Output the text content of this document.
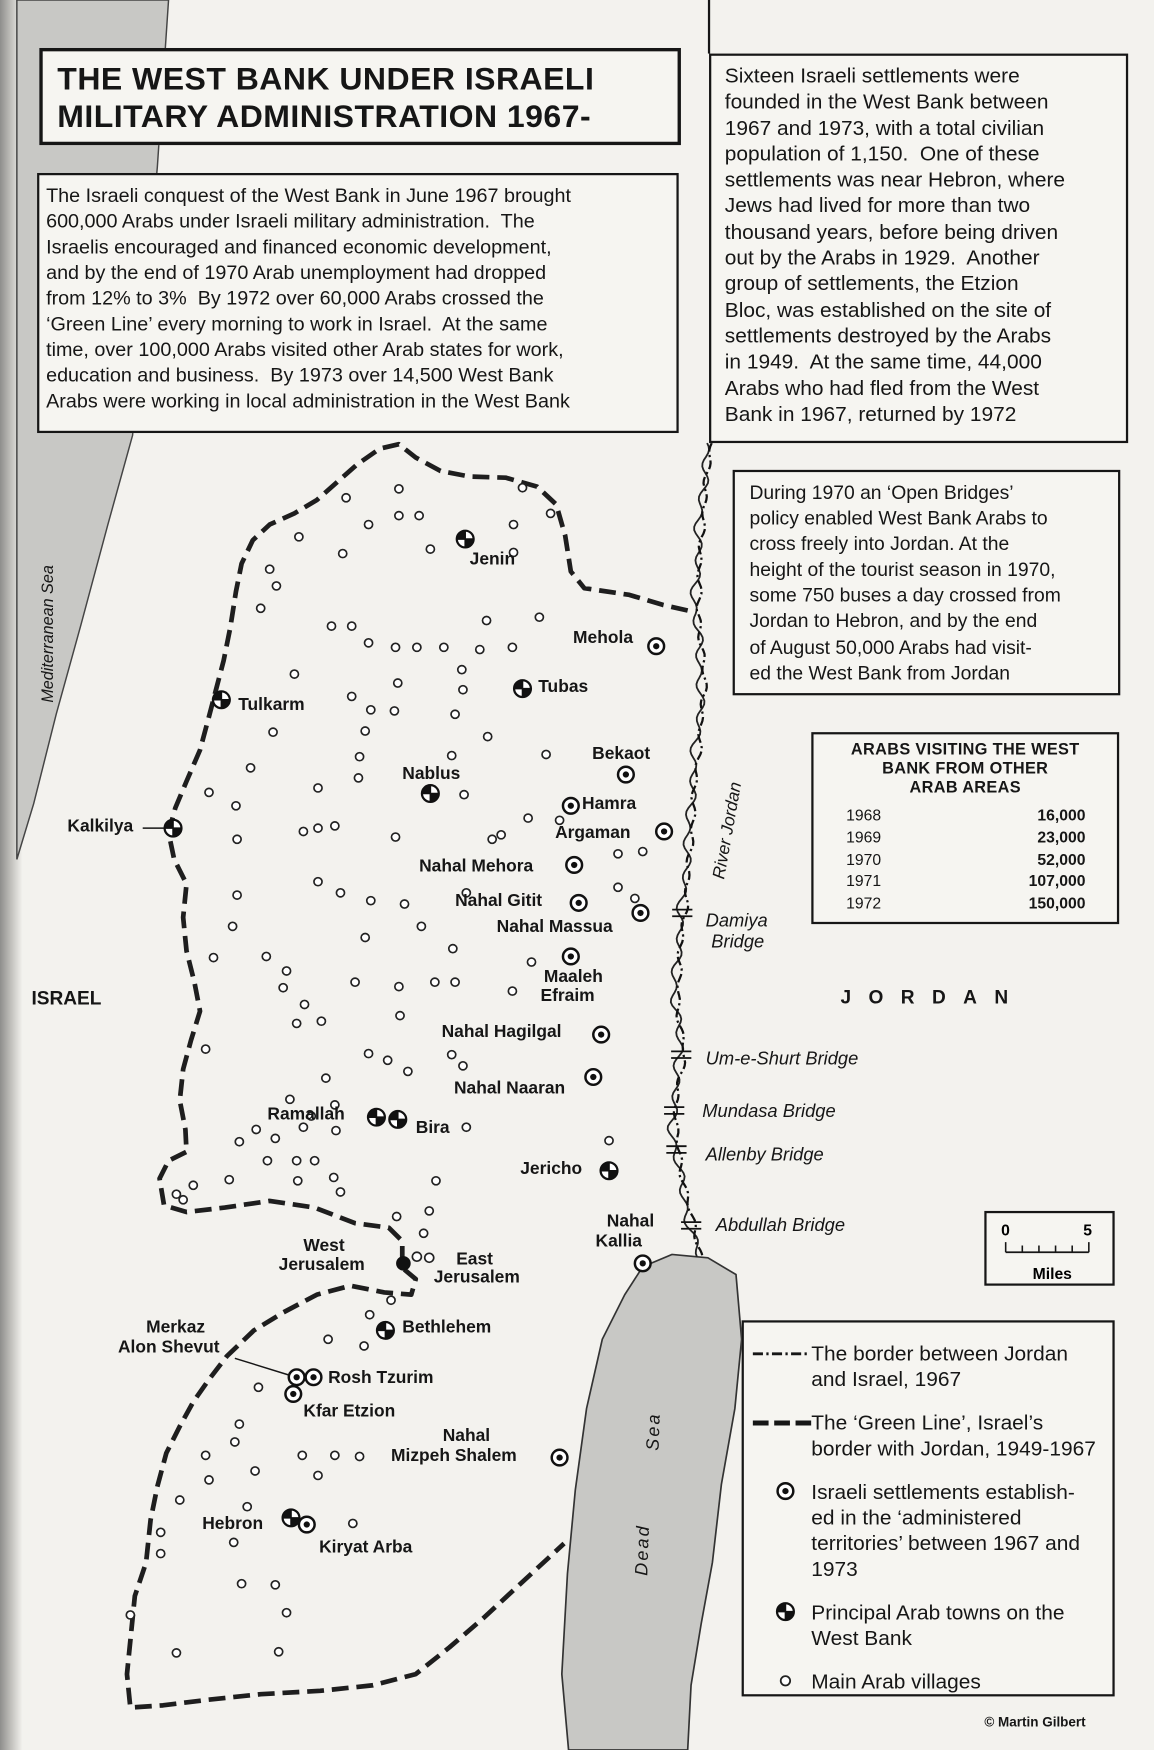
Mediterranean Sea
Sea
Dead
River Jordan
ISRAEL	JORDAN
Damiya
Bridge
Um-e-Shurt Bridge
Mundasa Bridge
Allenby Bridge
Abdullah Bridge
Jenin
Tubas
Tulkarm
Nablus
Kalkilya
Ramallah
Bira
Jericho
Bethlehem
Hebron
Mehola
Bekaot
Hamra
Argaman
Nahal Mehora
Nahal Gitit
Nahal Massua
Maaleh
Efraim
Nahal Hagilgal
Nahal Naaran
Nahal
Kallia
Merkaz
Alon Shevut
Rosh Tzurim
Kfar Etzion
Nahal
Mizpeh Shalem
Kiryat Arba
West
Jerusalem	East
Jerusalem
THE WEST BANK UNDER ISRAELI
MILITARY ADMINISTRATION 1967-
The Israeli conquest of the West Bank in June 1967 brought
600,000 Arabs under Israeli military administration.  The
Israelis encouraged and financed economic development,
and by the end of 1970 Arab unemployment had dropped
from 12% to 3%  By 1972 over 60,000 Arabs crossed the
‘Green Line’ every morning to work in Israel.  At the same
time, over 100,000 Arabs visited other Arab states for work,
education and business.  By 1973 over 14,500 West Bank
Arabs were working in local administration in the West Bank
Sixteen Israeli settlements were
founded in the West Bank between
1967 and 1973, with a total civilian
population of 1,150.  One of these
settlements was near Hebron, where
Jews had lived for more than two
thousand years, before being driven
out by the Arabs in 1929.  Another
group of settlements, the Etzion
Bloc, was established on the site of
settlements destroyed by the Arabs
in 1949.  At the same time, 44,000
Arabs who had fled from the West
Bank in 1967, returned by 1972
During 1970 an ‘Open Bridges’
policy enabled West Bank Arabs to
cross freely into Jordan. At the
height of the tourist season in 1970,
some 750 buses a day crossed from
Jordan to Hebron, and by the end
of August 50,000 Arabs had visit-
ed the West Bank from Jordan
ARABS VISITING THE WEST
BANK FROM OTHER
ARAB AREAS
1968	16,000
1969	23,000
1970	52,000
1971	107,000
1972	150,000
0	5
Miles
The border between Jordan
and Israel, 1967
The ‘Green Line’, Israel’s
border with Jordan, 1949-1967
Israeli settlements establish-
ed in the ‘administered
territories’ between 1967 and
1973
Principal Arab towns on the
West Bank
Main Arab villages
© Martin Gilbert
